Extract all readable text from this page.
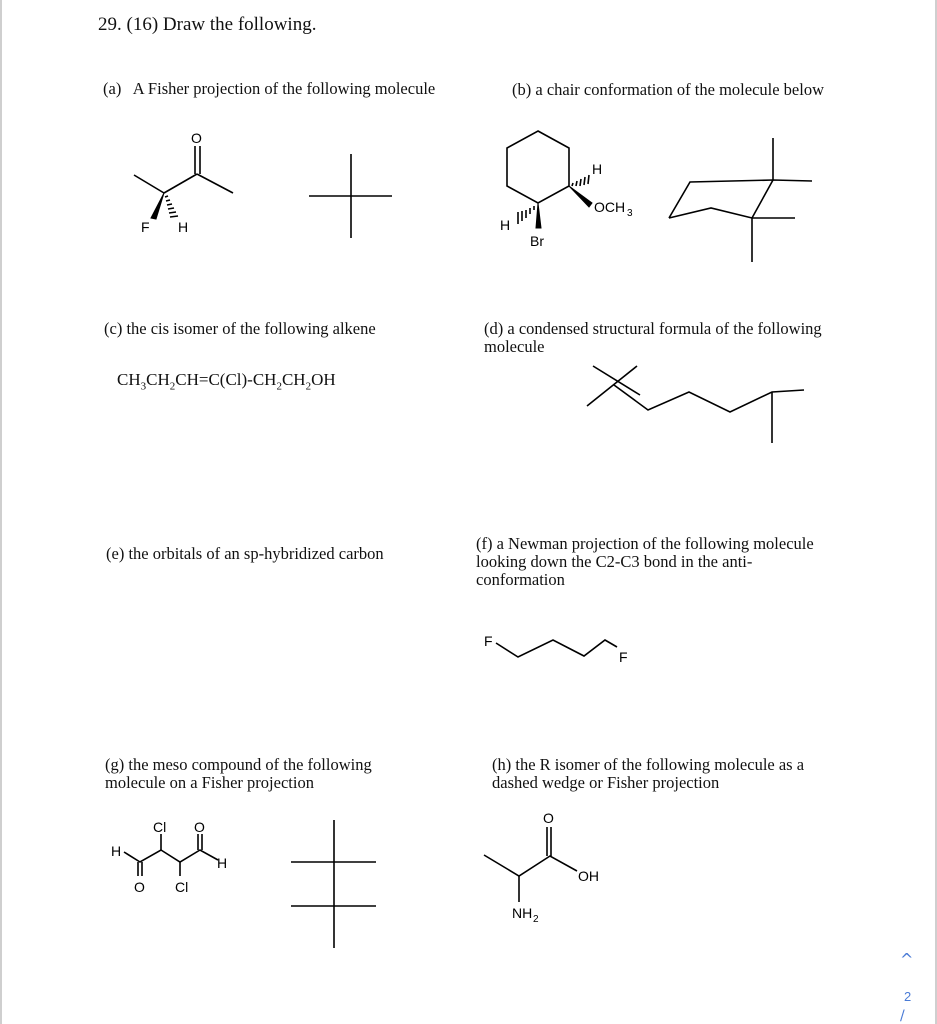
29. (16) Draw the following.
(a) A Fisher projection of the following molecule	(b) a chair conformation of the molecule below
(c) the cis isomer of the following alkene
$CH_3CH_2CH=C(Cl)-CH_2CH_2OH$
(d) a condensed structural formula of the following
molecule
(e) the orbitals of an sp-hybridized carbon
(f) a Newman projection of the following molecule
looking down the C2-C3 bond in the anti-
conformation
(g) the meso compound of the following
molecule on a Fisher projection
(h) the R isomer of the following molecule as a
dashed wedge or Fisher projection
O
F H
H
OCH 3
H
Br
F
F
Cl O
H
H
O Cl
O
OH
NH 2
^
2
/
